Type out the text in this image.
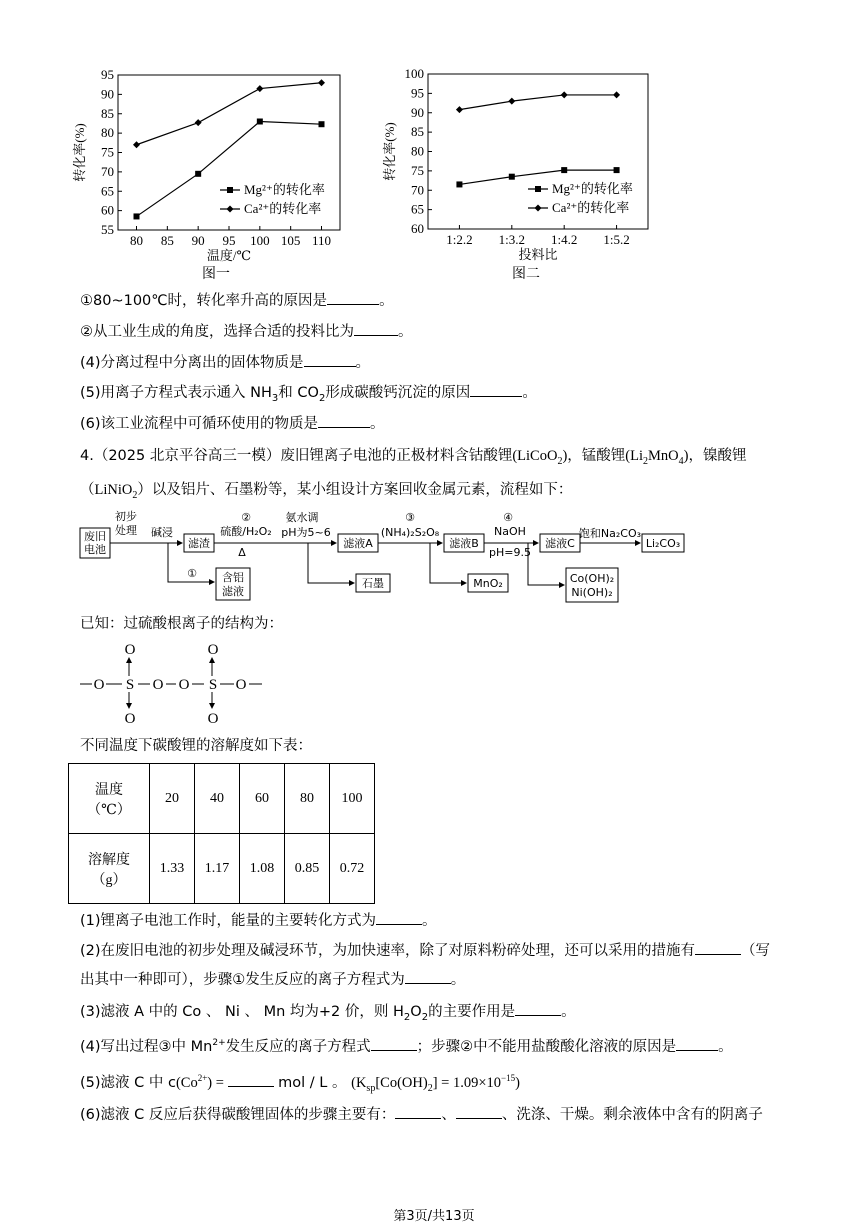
55
60
65
70
75
80
85
90
95
80 85 90 95 100 105 110
温度/℃
转化率(%)
Mg²⁺的转化率
Ca²⁺的转化率
图一
60
65
70
75
80
85
90
95
100
1:2.2 1:3.2 1:4.2 1:5.2
投料比
转化率(%)
Mg²⁺的转化率
Ca²⁺的转化率
图二
①80~100℃时，转化率升高的原因是	。
②从工业生成的角度，选择合适的投料比为	。
(4)分离过程中分离出的固体物质是	。
(5)用离子方程式表示通入 $NH_3$和 $CO_2$形成碳酸钙沉淀的原因	。
(6)该工业流程中可循环使用的物质是	。
4.（2025 北京平谷高三一模）废旧锂离子电池的正极材料含钴酸锂(LiCoO$_2$)，锰酸锂$(Li_2MnO_4)$，镍酸锂
（LiNiO$_2$）以及铝片、石墨粉等，某小组设计方案回收金属元素，流程如下：
废旧
电池
初步
处理 碱浸
滤渣
②
硫酸/H₂O₂
Δ
氨水调
pH为5~6
滤液A
③
(NH₄)₂S₂O₈
滤液B
④
NaOH
pH=9.5
滤液C
饱和Na₂CO₃
Li₂CO₃
① 含铝
滤液
石墨	MnO₂	Co(OH)₂
Ni(OH)₂
已知：过硫酸根离子的结构为：
O S O O S O
O
O
O
O
不同温度下碳酸锂的溶解度如下表：
温度
（℃）	20	40	60	80	100
溶解度
（g）	1.33	1.17	1.08	0.85	0.72
(1)锂离子电池工作时，能量的主要转化方式为	。
(2)在废旧电池的初步处理及碱浸环节，为加快速率，除了对原料粉碎处理，还可以采用的措施有	（写
出其中一种即可），步骤①发生反应的离子方程式为	。
(3)滤液 A 中的 Co 、 Ni 、 Mn 均为+2 价，则 $H_2O_2$的主要作用是	。
(4)写出过程③中 $Mn^{2+}$发生反应的离子方程式	；步骤②中不能用盐酸酸化溶液的原因是	。
(5)滤液 C 中 $c(Co^{2+})$ =	mol / L 。 $(K_{sp}[Co(OH)_2] = 1.09\times 10^{-15})$
(6)滤液 C 反应后获得碳酸锂固体的步骤主要有：	、	、洗涤、干燥。剩余液体中含有的阴离子
第3页/共13页
